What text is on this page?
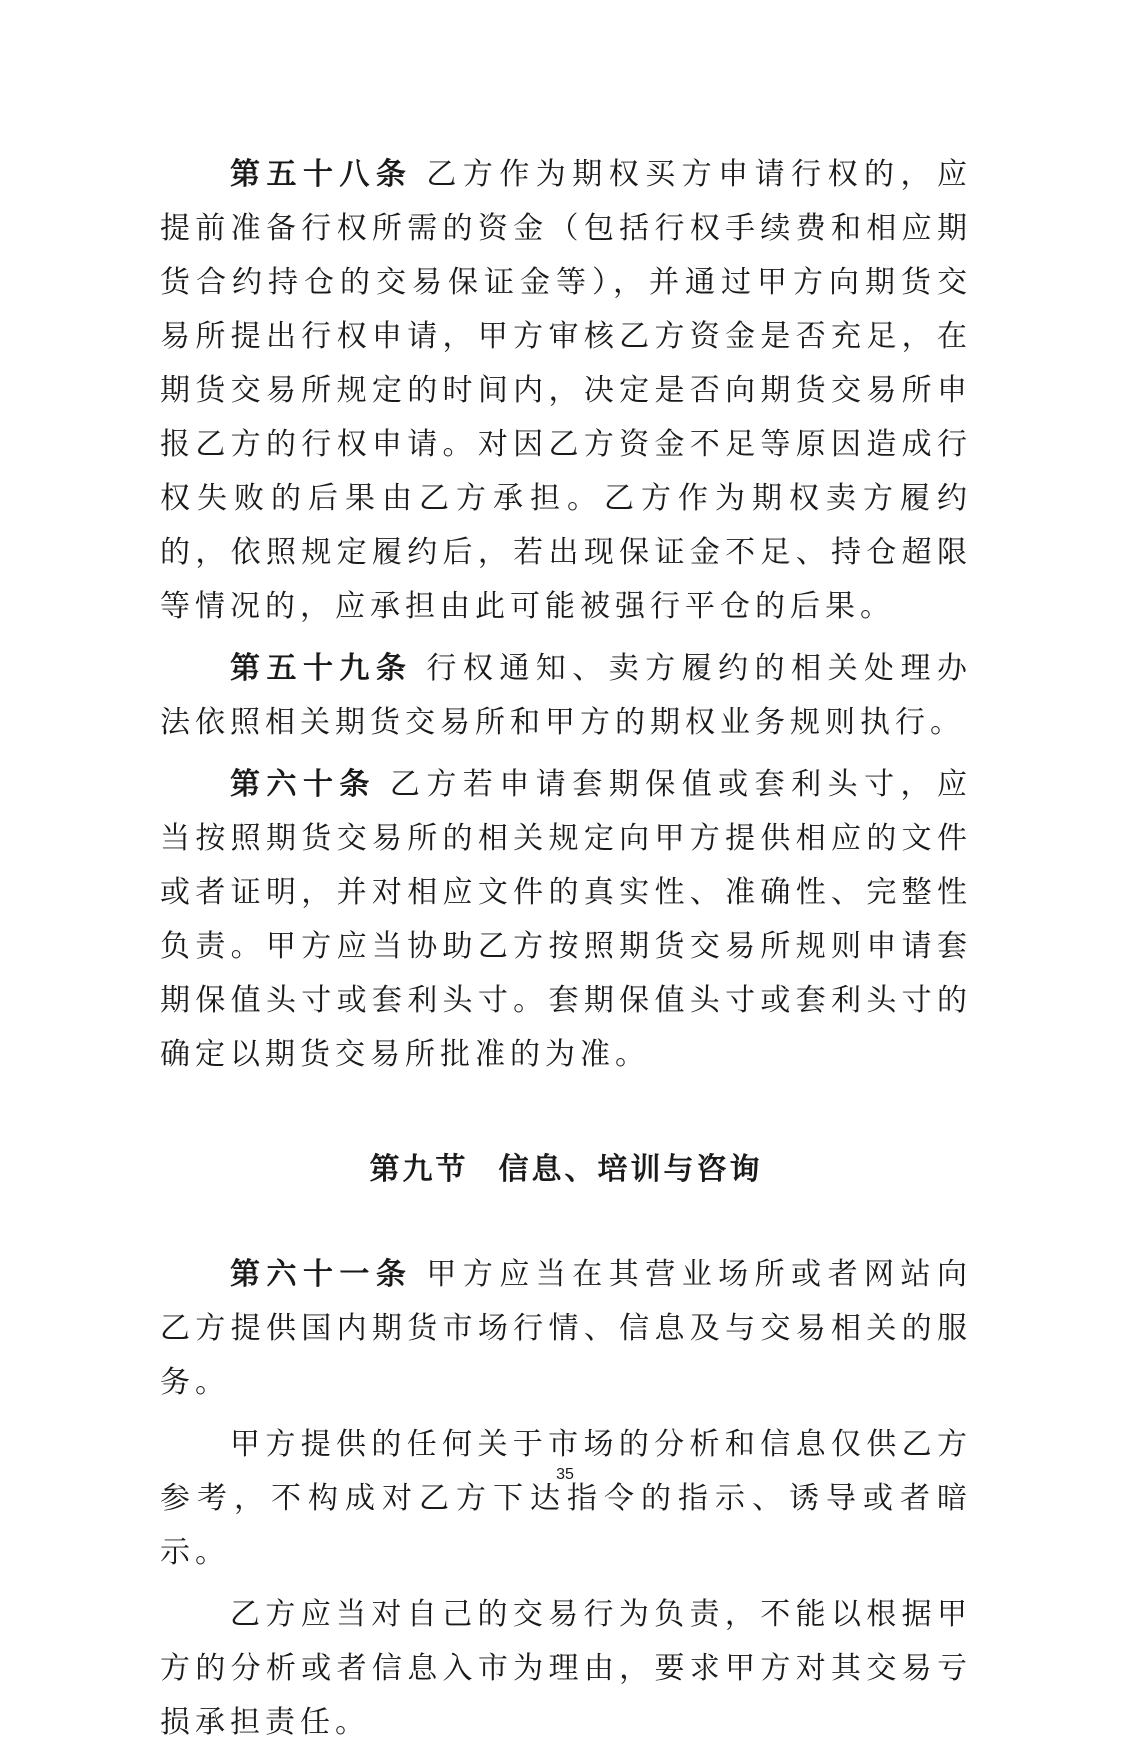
第五十八条 乙方作为期权买方申请行权的，应提前准备行权所需的资金（包括行权手续费和相应期货合约持仓的交易保证金等），并通过甲方向期货交易所提出行权申请，甲方审核乙方资金是否充足，在期货交易所规定的时间内，决定是否向期货交易所申报乙方的行权申请。对因乙方资金不足等原因造成行权失败的后果由乙方承担。乙方作为期权卖方履约的，依照规定履约后，若出现保证金不足、持仓超限等情况的，应承担由此可能被强行平仓的后果。

第五十九条 行权通知、卖方履约的相关处理办法依照相关期货交易所和甲方的期权业务规则执行。

第六十条 乙方若申请套期保值或套利头寸，应当按照期货交易所的相关规定向甲方提供相应的文件或者证明，并对相应文件的真实性、准确性、完整性负责。甲方应当协助乙方按照期货交易所规则申请套期保值头寸或套利头寸。套期保值头寸或套利头寸的确定以期货交易所批准的为准。

第九节 信息、培训与咨询

第六十一条 甲方应当在其营业场所或者网站向乙方提供国内期货市场行情、信息及与交易相关的服务。

甲方提供的任何关于市场的分析和信息仅供乙方参考，不构成对乙方下达指令的指示、诱导或者暗示。

乙方应当对自己的交易行为负责，不能以根据甲方的分析或者信息入市为理由，要求甲方对其交易亏损承担责任。

35
